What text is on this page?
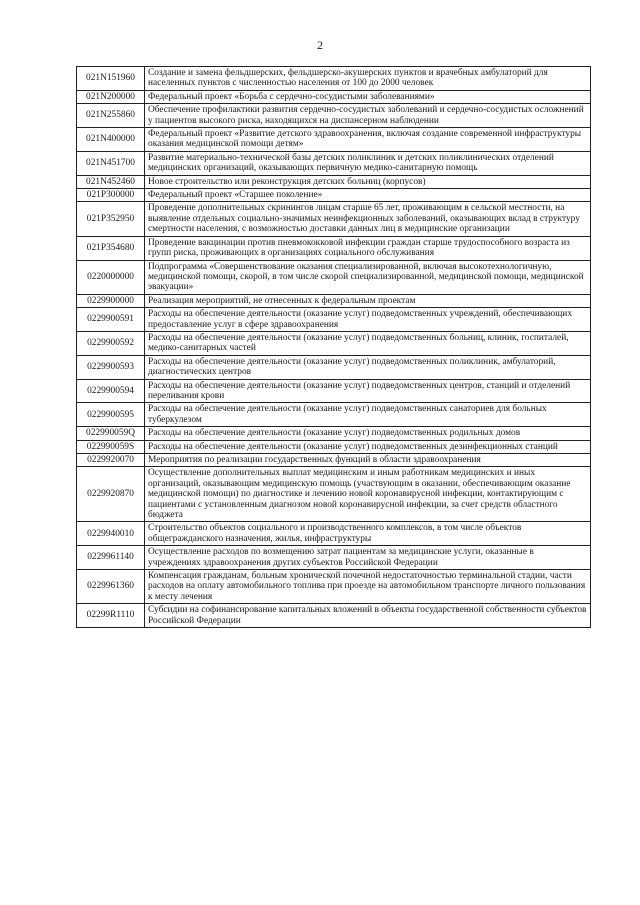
2
021N151960	Создание и замена фельдшерских, фельдшерско-акушерских пунктов и врачебных амбулаторий для населенных пунктов с численностью населения от 100 до 2000 человек
021N200000	Федеральный проект «Борьба с сердечно-сосудистыми заболеваниями»
021N255860	Обеспечение профилактики развития сердечно-сосудистых заболеваний и сердечно-сосудистых осложнений у пациентов высокого риска, находящихся на диспансерном наблюдении
021N400000	Федеральный проект «Развитие детского здравоохранения, включая создание современной инфраструктуры оказания медицинской помощи детям»
021N451700	Развитие материально-технической базы детских поликлиник и детских поликлинических отделений медицинских организаций, оказывающих первичную медико-санитарную помощь
021N452460	Новое строительство или реконструкция детских больниц (корпусов)
021P300000	Федеральный проект «Старшее поколение»
021P352950	Проведение дополнительных скринингов лицам старше 65 лет, проживающим в сельской местности, на выявление отдельных социально-значимых неинфекционных заболеваний, оказывающих вклад в структуру смертности населения, с возможностью доставки данных лиц в медицинские организации
021P354680	Проведение вакцинации против пневмококковой инфекции граждан старше трудоспособного возраста из групп риска, проживающих в организациях социального обслуживания
0220000000	Подпрограмма «Совершенствование оказания специализированной, включая высокотехнологичную, медицинской помощи, скорой, в том числе скорой специализированной, медицинской помощи, медицинской эвакуации»
0229900000	Реализация мероприятий, не отнесенных к федеральным проектам
0229900591	Расходы на обеспечение деятельности (оказание услуг) подведомственных учреждений, обеспечивающих предоставление услуг в сфере здравоохранения
0229900592	Расходы на обеспечение деятельности (оказание услуг) подведомственных больниц, клиник, госпиталей, медико-санитарных частей
0229900593	Расходы на обеспечение деятельности (оказание услуг) подведомственных поликлиник, амбулаторий, диагностических центров
0229900594	Расходы на обеспечение деятельности (оказание услуг) подведомственных центров, станций и отделений переливания крови
0229900595	Расходы на обеспечение деятельности (оказание услуг) подведомственных санаториев для больных туберкулезом
022990059Q	Расходы на обеспечение деятельности (оказание услуг) подведомственных родильных домов
022990059S	Расходы на обеспечение деятельности (оказание услуг) подведомственных дезинфекционных станций
0229920070	Мероприятия по реализации государственных функций в области здравоохранения
0229920870	Осуществление дополнительных выплат медицинским и иным работникам медицинских и иных организаций, оказывающим медицинскую помощь (участвующим в оказании, обеспечивающим оказание медицинской помощи) по диагностике и лечению новой коронавирусной инфекции, контактирующим с пациентами с установленным диагнозом новой коронавирусной инфекции, за счет средств областного бюджета
0229940010	Строительство объектов социального и производственного комплексов, в том числе объектов общегражданского назначения, жилья, инфраструктуры
0229961140	Осуществление расходов по возмещению затрат пациентам за медицинские услуги, оказанные в учреждениях здравоохранения других субъектов Российской Федерации
0229961360	Компенсация гражданам, больным хронической почечной недостаточностью терминальной стадии, части расходов на оплату автомобильного топлива при проезде на автомобильном транспорте личного пользования к месту лечения
02299R1110	Субсидии на софинансирование капитальных вложений в объекты государственной собственности субъектов Российской Федерации
